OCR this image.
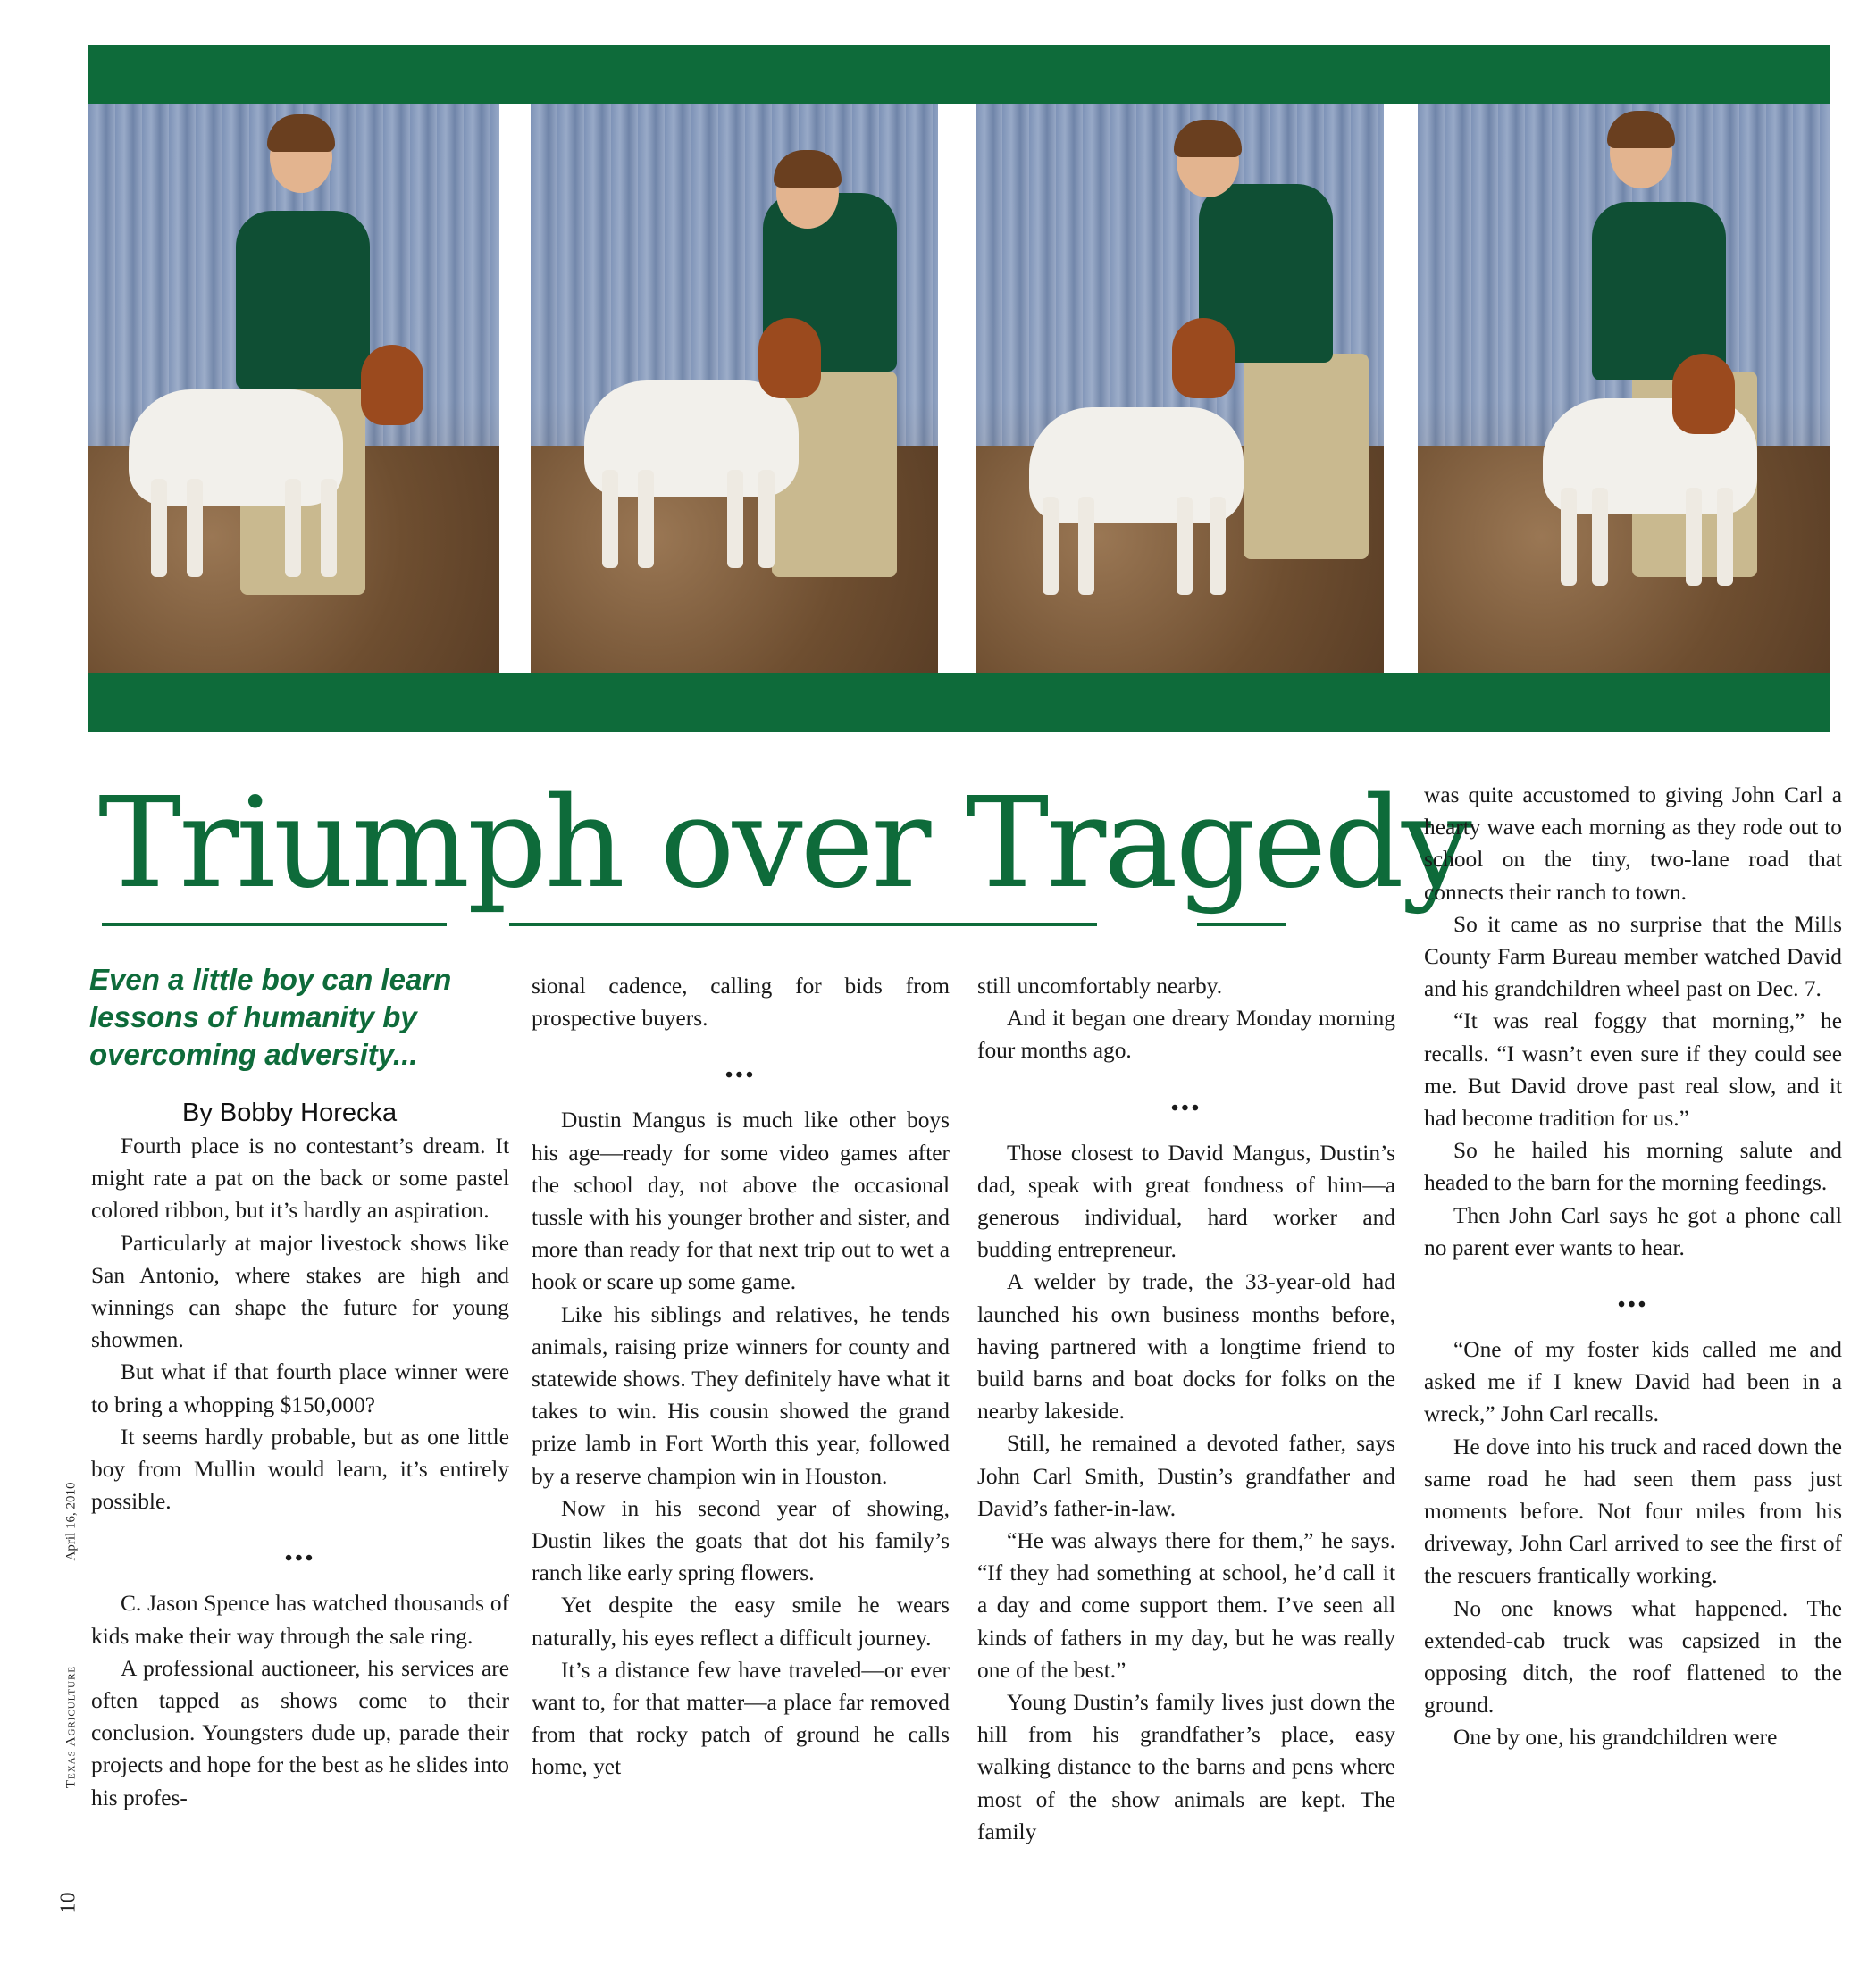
Triumph over Tragedy
Even a little boy can learn lessons of humanity by overcoming adversity...
By Bobby Horecka

Fourth place is no contestant’s dream. It might rate a pat on the back or some pastel colored ribbon, but it’s hardly an aspiration.

Particularly at major livestock shows like San Antonio, where stakes are high and winnings can shape the future for young showmen.

But what if that fourth place winner were to bring a whopping $150,000?

It seems hardly probable, but as one little boy from Mullin would learn, it’s entirely possible.

•••

C. Jason Spence has watched thousands of kids make their way through the sale ring.

A professional auctioneer, his services are often tapped as shows come to their conclusion. Youngsters dude up, parade their projects and hope for the best as he slides into his profes-

sional cadence, calling for bids from prospective buyers.

•••

Dustin Mangus is much like other boys his age—ready for some video games after the school day, not above the occasional tussle with his younger brother and sister, and more than ready for that next trip out to wet a hook or scare up some game.

Like his siblings and relatives, he tends animals, raising prize winners for county and statewide shows. They definitely have what it takes to win. His cousin showed the grand prize lamb in Fort Worth this year, followed by a reserve champion win in Houston.

Now in his second year of showing, Dustin likes the goats that dot his family’s ranch like early spring flowers.

Yet despite the easy smile he wears naturally, his eyes reflect a difficult journey.

It’s a distance few have traveled—or ever want to, for that matter—a place far removed from that rocky patch of ground he calls home, yet

still uncomfortably nearby.

And it began one dreary Monday morning four months ago.

•••

Those closest to David Mangus, Dustin’s dad, speak with great fondness of him—a generous individual, hard worker and budding entrepreneur.

A welder by trade, the 33-year-old had launched his own business months before, having partnered with a longtime friend to build barns and boat docks for folks on the nearby lakeside.

Still, he remained a devoted father, says John Carl Smith, Dustin’s grandfather and David’s father-in-law.

“He was always there for them,” he says. “If they had something at school, he’d call it a day and come support them. I’ve seen all kinds of fathers in my day, but he was really one of the best.”

Young Dustin’s family lives just down the hill from his grandfather’s place, easy walking distance to the barns and pens where most of the show animals are kept. The family

was quite accustomed to giving John Carl a hearty wave each morning as they rode out to school on the tiny, two-lane road that connects their ranch to town.

So it came as no surprise that the Mills County Farm Bureau member watched David and his grandchildren wheel past on Dec. 7.

“It was real foggy that morning,” he recalls. “I wasn’t even sure if they could see me. But David drove past real slow, and it had become tradition for us.”

So he hailed his morning salute and headed to the barn for the morning feedings.

Then John Carl says he got a phone call no parent ever wants to hear.

•••

“One of my foster kids called me and asked me if I knew David had been in a wreck,” John Carl recalls.

He dove into his truck and raced down the same road he had seen them pass just moments before. Not four miles from his driveway, John Carl arrived to see the first of the rescuers frantically working.

No one knows what happened. The extended-cab truck was capsized in the opposing ditch, the roof flattened to the ground.

One by one, his grandchildren were

April 16, 2010
Texas Agriculture
10
